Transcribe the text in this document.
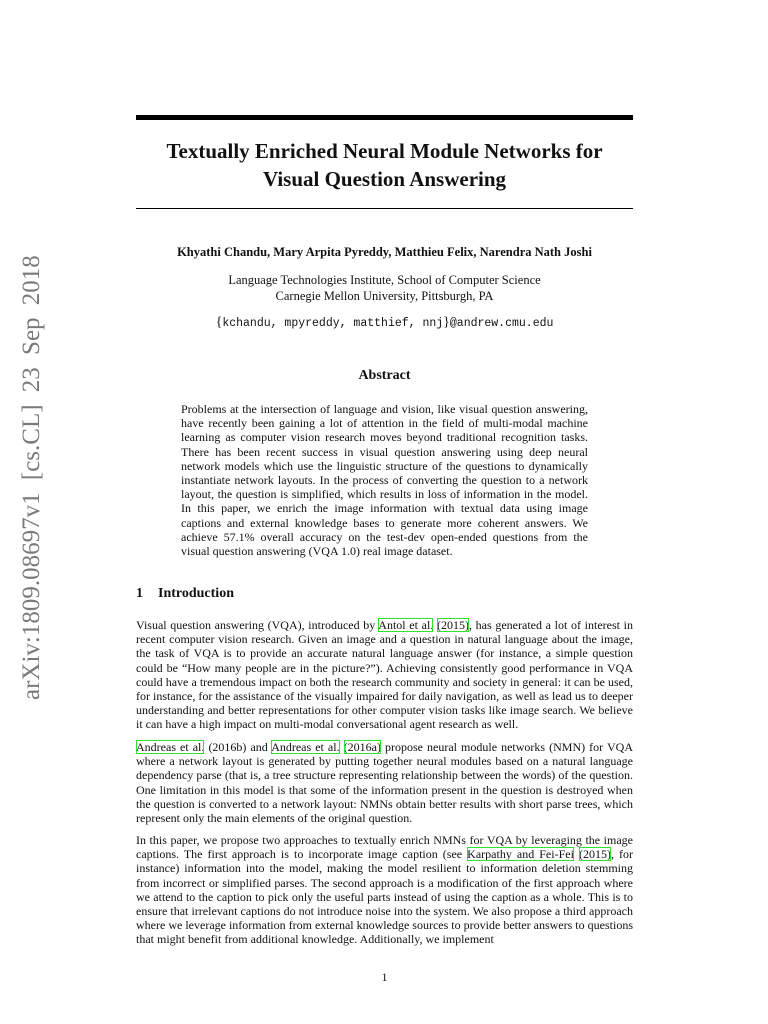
arXiv:1809.08697v1 [cs.CL] 23 Sep 2018
Textually Enriched Neural Module Networks for
Visual Question Answering
Khyathi Chandu, Mary Arpita Pyreddy, Matthieu Felix, Narendra Nath Joshi
Language Technologies Institute, School of Computer Science
Carnegie Mellon University, Pittsburgh, PA
{kchandu, mpyreddy, matthief, nnj}@andrew.cmu.edu
Abstract
Problems at the intersection of language and vision, like visual question answering, have recently been gaining a lot of attention in the field of multi-modal machine learning as computer vision research moves beyond traditional recognition tasks. There has been recent success in visual question answering using deep neural network models which use the linguistic structure of the questions to dynamically instantiate network layouts. In the process of converting the question to a network layout, the question is simplified, which results in loss of information in the model. In this paper, we enrich the image information with textual data using image captions and external knowledge bases to generate more coherent answers. We achieve 57.1% overall accuracy on the test-dev open-ended questions from the visual question answering (VQA 1.0) real image dataset.
1 Introduction
Visual question answering (VQA), introduced by Antol et al. (2015), has generated a lot of interest in recent computer vision research. Given an image and a question in natural language about the image, the task of VQA is to provide an accurate natural language answer (for instance, a simple question could be “How many people are in the picture?”). Achieving consistently good performance in VQA could have a tremendous impact on both the research community and society in general: it can be used, for instance, for the assistance of the visually impaired for daily navigation, as well as lead us to deeper understanding and better representations for other computer vision tasks like image search. We believe it can have a high impact on multi-modal conversational agent research as well.
Andreas et al. (2016b) and Andreas et al. (2016a) propose neural module networks (NMN) for VQA where a network layout is generated by putting together neural modules based on a natural language dependency parse (that is, a tree structure representing relationship between the words) of the question. One limitation in this model is that some of the information present in the question is destroyed when the question is converted to a network layout: NMNs obtain better results with short parse trees, which represent only the main elements of the original question.
In this paper, we propose two approaches to textually enrich NMNs for VQA by leveraging the image captions. The first approach is to incorporate image caption (see Karpathy and Fei-Fei (2015), for instance) information into the model, making the model resilient to information deletion stemming from incorrect or simplified parses. The second approach is a modification of the first approach where we attend to the caption to pick only the useful parts instead of using the caption as a whole. This is to ensure that irrelevant captions do not introduce noise into the system. We also propose a third approach where we leverage information from external knowledge sources to provide better answers to questions that might benefit from additional knowledge. Additionally, we implement
1
